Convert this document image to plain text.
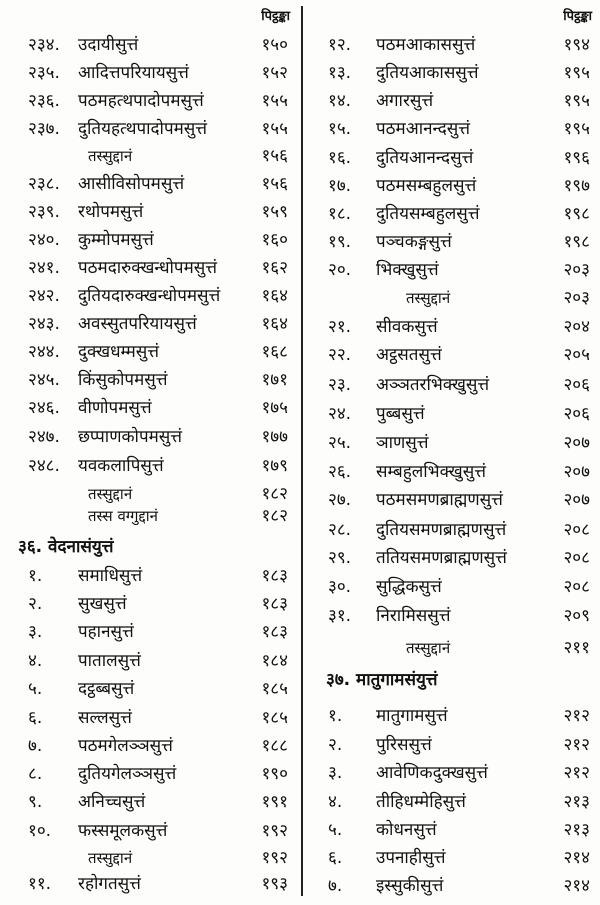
पिट्ठङ्का
२३४. उदायीसुत्तं	१५०
२३५. आदित्तपरियायसुत्तं	१५२
२३६. पठमहत्थपादोपमसुत्तं	१५५
२३७. दुतियहत्थपादोपमसुत्तं	१५५
तस्सुद्दानं	१५६
२३८. आसीविसोपमसुत्तं	१५६
२३९. रथोपमसुत्तं	१५९
२४०. कुम्मोपमसुत्तं	१६०
२४१. पठमदारुक्खन्धोपमसुत्तं	१६२
२४२. दुतियदारुक्खन्धोपमसुत्तं १६४
२४३. अवस्सुतपरियायसुत्तं	१६४
२४४. दुक्खधम्मसुत्तं	१६८
२४५. किंसुकोपमसुत्तं	१७१
२४६. वीणोपमसुत्तं	१७५
२४७. छप्पाणकोपमसुत्तं	१७७
२४८. यवकलापिसुत्तं	१७९
तस्सुद्दानं	१८२
तस्स वग्गुद्दानं	१८२
३६. वेदनासंयुत्तं
१. समाधिसुत्तं	१८३
२. सुखसुत्तं	१८३
३. पहानसुत्तं	१८३
४. पातालसुत्तं	१८४
५. दट्ठब्बसुत्तं	१८५
६. सल्लसुत्तं	१८५
७. पठमगेलञ्ञसुत्तं	१८८
८. दुतियगेलञ्ञसुत्तं	१९०
९. अनिच्चसुत्तं	१९१
१०. फस्समूलकसुत्तं	१९२
तस्सुद्दानं	१९२
११. रहोगतसुत्तं	१९३
पिट्ठङ्का
१२. पठमआकाससुत्तं	१९४
१३. दुतियआकाससुत्तं	१९५
१४. अगारसुत्तं	१९५
१५. पठमआनन्दसुत्तं	१९५
१६. दुतियआनन्दसुत्तं	१९६
१७. पठमसम्बहुलसुत्तं	१९७
१८. दुतियसम्बहुलसुत्तं	१९८
१९. पञ्चकङ्गसुत्तं	१९८
२०. भिक्खुसुत्तं	२०३
तस्सुद्दानं	२०३
२१. सीवकसुत्तं	२०४
२२. अट्ठसतसुत्तं	२०५
२३. अञ्ञतरभिक्खुसुत्तं	२०६
२४. पुब्बसुत्तं	२०६
२५. ञाणसुत्तं	२०७
२६. सम्बहुलभिक्खुसुत्तं	२०७
२७. पठमसमणब्राह्मणसुत्तं	२०७
२८. दुतियसमणब्राह्मणसुत्तं	२०८
२९. ततियसमणब्राह्मणसुत्तं	२०८
३०. सुद्धिकसुत्तं	२०८
३१. निरामिससुत्तं	२०९
तस्सुद्दानं	२११
३७. मातुगामसंयुत्तं
१. मातुगामसुत्तं	२१२
२. पुरिससुत्तं	२१२
३. आवेणिकदुक्खसुत्तं	२१२
४. तीहिधम्मेहिसुत्तं	२१३
५. कोधनसुत्तं	२१३
६. उपनाहीसुत्तं	२१४
७. इस्सुकीसुत्तं	२१४
